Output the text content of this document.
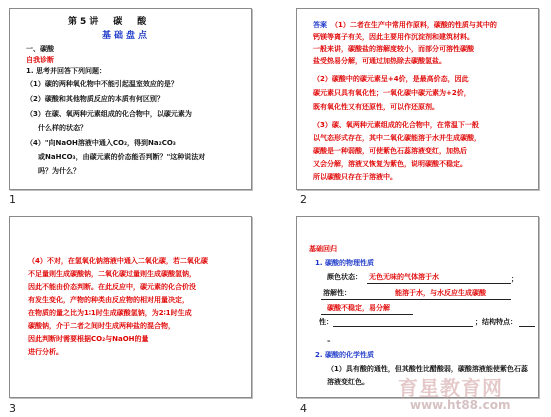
第5讲　碳　酸
基础盘点
一、碳酸
自我诊断
1. 思考并回答下列问题：
（1）碳的两种氧化物中不能引起温室效应的是？
（2）碳酸和其他物质反应的本质有何区别？
（3）在碳、氧两种元素组成的化合物中，以碳元素为
什么样的状态？
（4）"向NaOH溶液中通入CO₂，得到Na₂CO₃
或NaHCO₃，由碳元素的价态能否判断？"这种说法对
吗？为什么？
1
答案 （1）二者在生产中常用作原料，碳酸的性质与其中的
钙镁等离子有关，因此主要用作沉淀剂和建筑材料。
一般来讲，碳酸盐的溶解度较小，而部分可溶性碳酸
盐受热易分解，可通过加热除去碳酸氢盐。
（2）碳酸中的碳元素呈+4价，是最高价态，因此
碳元素只具有氧化性；一氧化碳中碳元素为+2价，
既有氧化性又有还原性，可以作还原剂。
（3）碳、氧两种元素组成的化合物中，在常温下一般
以气态形式存在，其中二氧化碳能溶于水并生成碳酸，
碳酸是一种弱酸，可使紫色石蕊溶液变红，加热后
又会分解，溶液又恢复为紫色，说明碳酸不稳定。
所以碳酸只存在于溶液中。
2
（4）不对，在氢氧化钠溶液中通入二氧化碳，若二氧化碳
不足量则生成碳酸钠，二氧化碳过量则生成碳酸氢钠，
因此不能由价态判断。在此反应中，碳元素的化合价没
有发生变化，产物的种类由反应物的相对用量决定，
在物质的量之比为1∶1时生成碳酸氢钠，为2∶1时生成
碳酸钠，介于二者之间时生成两种盐的混合物，
因此判断时需要根据CO₂与NaOH的量
进行分析。
3
基础回归
1. 碳酸的物理性质
颜色状态： 无色无味的气体溶于水	；
溶解性：	能溶于水，与水反应生成碳酸
碳酸不稳定，易分解
性：	；结构特点：
–
2. 碳酸的化学性质
（1）具有酸的通性，但其酸性比醋酸弱，碳酸溶液能使紫色石蕊
溶液变红色。
4
育星教育网
www.ht88.com
